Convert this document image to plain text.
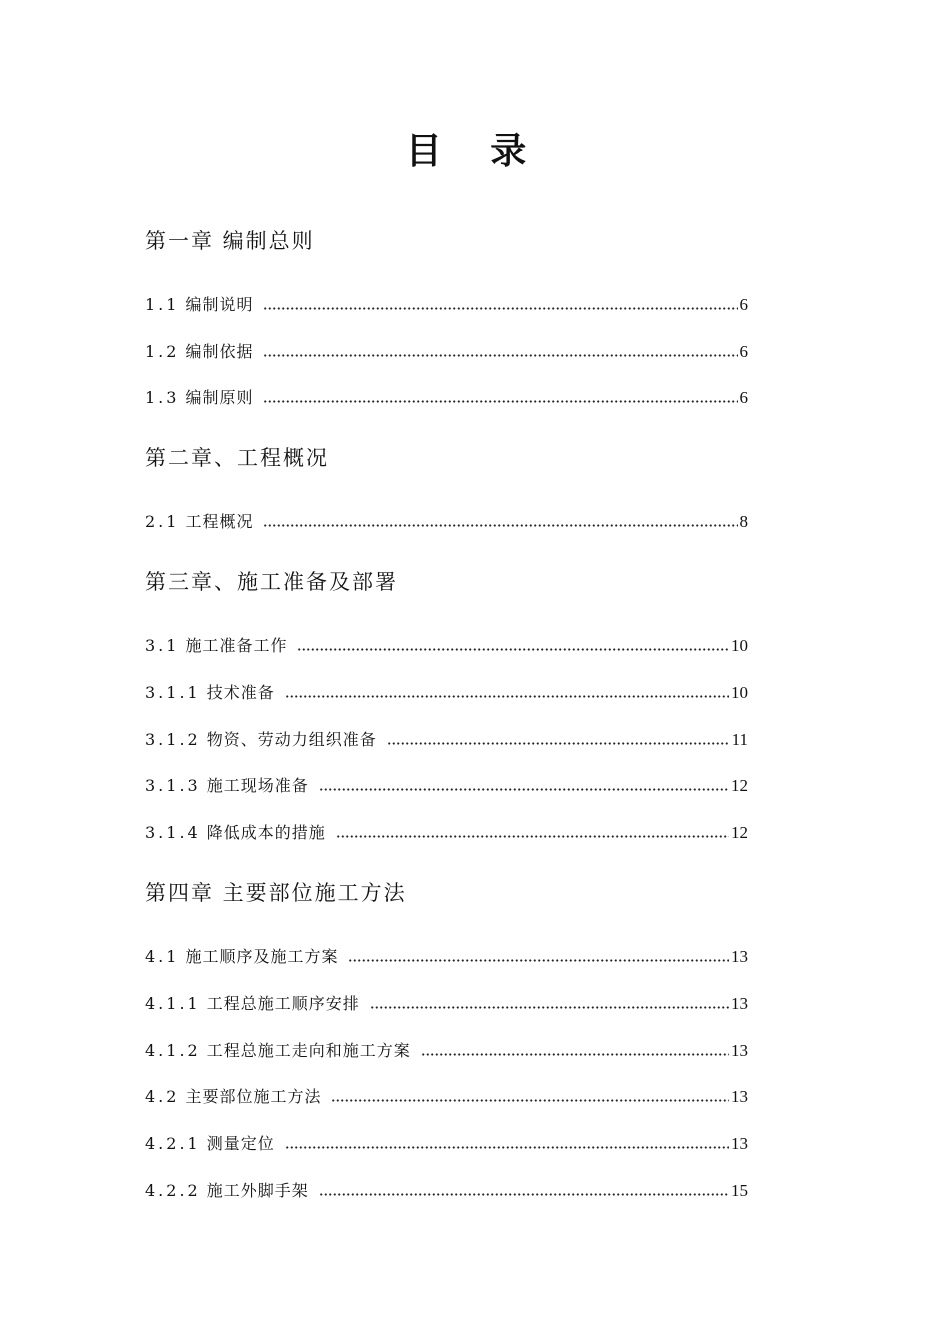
目 录
第一章 编制总则
1.1 编制说明	6
1.2 编制依据	6
1.3 编制原则	6
第二章、工程概况
2.1 工程概况	8
第三章、施工准备及部署
3.1 施工准备工作	10
3.1.1 技术准备	10
3.1.2 物资、劳动力组织准备	11
3.1.3 施工现场准备	12
3.1.4 降低成本的措施	12
第四章 主要部位施工方法
4.1 施工顺序及施工方案	13
4.1.1 工程总施工顺序安排	13
4.1.2 工程总施工走向和施工方案	13
4.2 主要部位施工方法	13
4.2.1 测量定位	13
4.2.2 施工外脚手架	15
